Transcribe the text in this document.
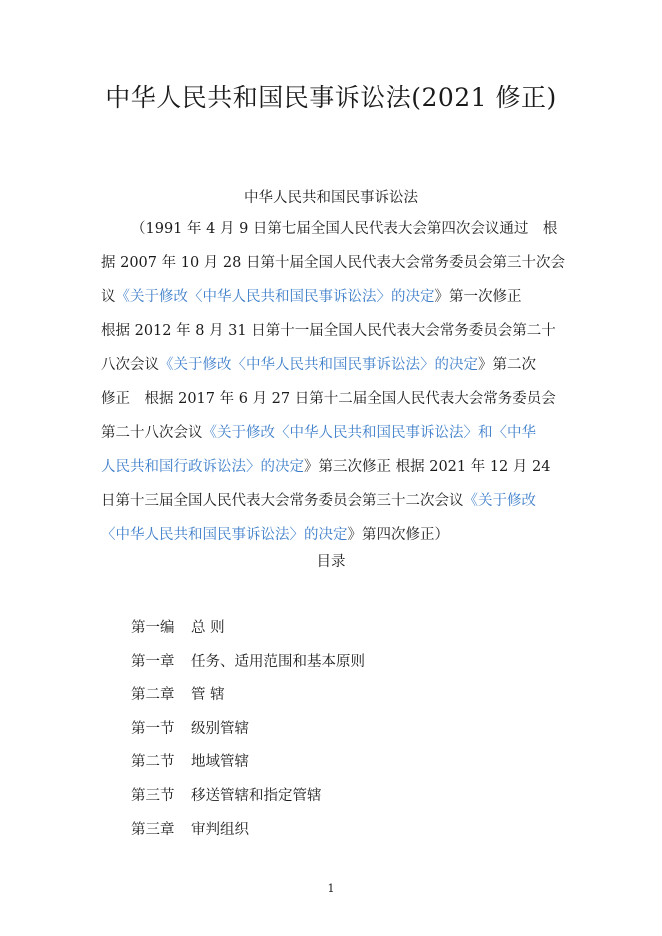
中华人民共和国民事诉讼法(2021 修正)

中华人民共和国民事诉讼法

（1991 年 4 月 9 日第七届全国人民代表大会第四次会议通过　根
据 2007 年 10 月 28 日第十届全国人民代表大会常务委员会第三十次会
议《关于修改〈中华人民共和国民事诉讼法〉的决定》第一次修正
根据 2012 年 8 月 31 日第十一届全国人民代表大会常务委员会第二十
八次会议《关于修改〈中华人民共和国民事诉讼法〉的决定》第二次
修正　根据 2017 年 6 月 27 日第十二届全国人民代表大会常务委员会
第二十八次会议《关于修改〈中华人民共和国民事诉讼法〉和〈中华
人民共和国行政诉讼法〉的决定》第三次修正 根据 2021 年 12 月 24
日第十三届全国人民代表大会常务委员会第三十二次会议《关于修改
〈中华人民共和国民事诉讼法〉的决定》第四次修正）

目录

第一编 总 则
第一章 任务、适用范围和基本原则
第二章 管 辖
第一节 级别管辖
第二节 地域管辖
第三节 移送管辖和指定管辖
第三章 审判组织

1
